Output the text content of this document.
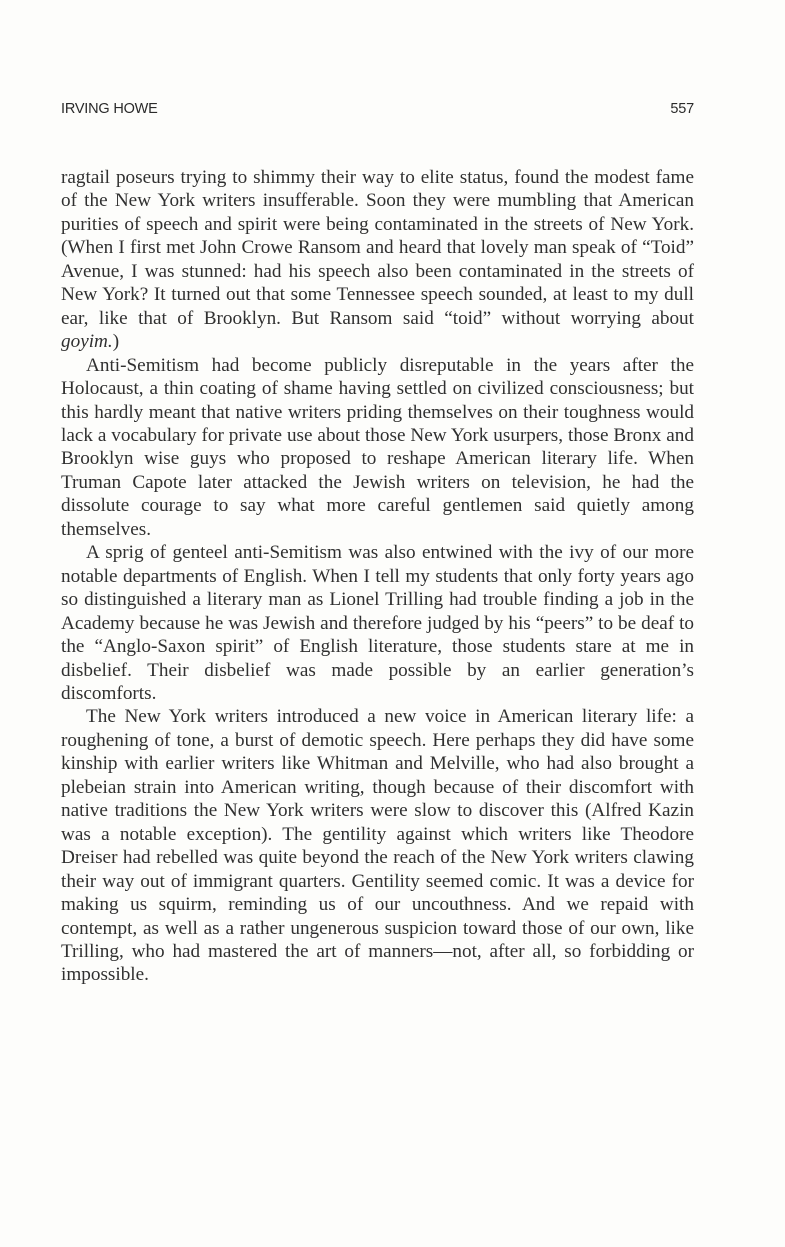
IRVING HOWE	557

ragtail poseurs trying to shimmy their way to elite status, found the modest fame of the New York writers insufferable. Soon they were mumbling that American purities of speech and spirit were being contaminated in the streets of New York. (When I first met John Crowe Ransom and heard that lovely man speak of “Toid” Avenue, I was stunned: had his speech also been contaminated in the streets of New York? It turned out that some Tennessee speech sounded, at least to my dull ear, like that of Brooklyn. But Ransom said “toid” without worrying about goyim.)

Anti-Semitism had become publicly disreputable in the years after the Holocaust, a thin coating of shame having settled on civilized consciousness; but this hardly meant that native writers priding themselves on their toughness would lack a vocabulary for private use about those New York usurpers, those Bronx and Brooklyn wise guys who proposed to reshape American literary life. When Truman Capote later attacked the Jewish writers on television, he had the dissolute courage to say what more careful gentlemen said quietly among themselves.

A sprig of genteel anti-Semitism was also entwined with the ivy of our more notable departments of English. When I tell my students that only forty years ago so distinguished a literary man as Lionel Trilling had trouble finding a job in the Academy because he was Jewish and therefore judged by his “peers” to be deaf to the “Anglo-Saxon spirit” of English literature, those students stare at me in disbelief. Their disbelief was made possible by an earlier generation’s discomforts.

The New York writers introduced a new voice in American literary life: a roughening of tone, a burst of demotic speech. Here perhaps they did have some kinship with earlier writers like Whitman and Melville, who had also brought a plebeian strain into American writing, though because of their discomfort with native traditions the New York writers were slow to discover this (Alfred Kazin was a notable exception). The gentility against which writers like Theodore Dreiser had rebelled was quite beyond the reach of the New York writers clawing their way out of immigrant quarters. Gentility seemed comic. It was a device for making us squirm, reminding us of our uncouthness. And we repaid with contempt, as well as a rather ungenerous suspicion toward those of our own, like Trilling, who had mastered the art of manners—not, after all, so forbidding or impossible.
